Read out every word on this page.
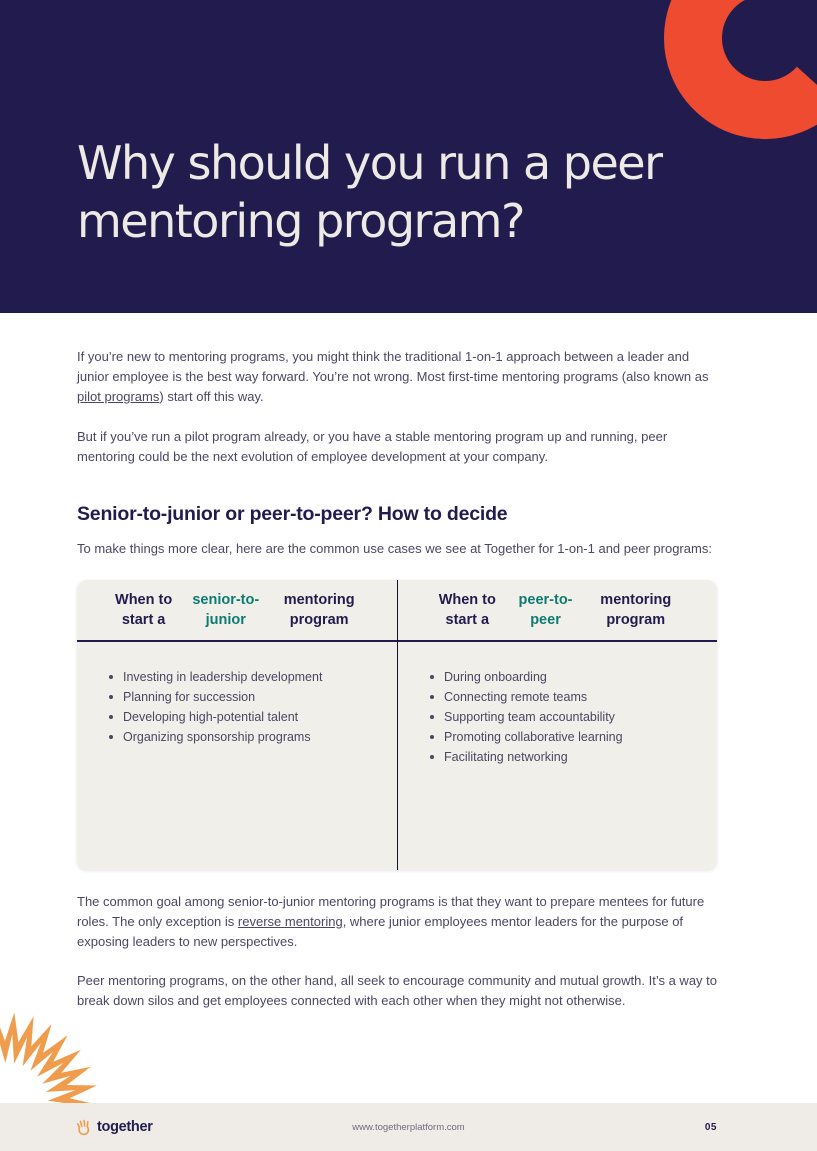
Why should you run a peer
mentoring program?

If you’re new to mentoring programs, you might think the traditional 1-on-1 approach between a leader and junior employee is the best way forward. You’re not wrong. Most first-time mentoring programs (also known as pilot programs) start off this way.

But if you’ve run a pilot program already, or you have a stable mentoring program up and running, peer mentoring could be the next evolution of employee development at your company.

Senior-to-junior or peer-to-peer? How to decide

To make things more clear, here are the common use cases we see at Together for 1-on-1 and peer programs:

When to start a
senior-to-junior
mentoring program
Investing in leadership development
Planning for succession
Developing high-potential talent
Organizing sponsorship programs
When to start a
peer-to-peer
mentoring program
During onboarding
Connecting remote teams
Supporting team accountability
Promoting collaborative learning
Facilitating networking

The common goal among senior-to-junior mentoring programs is that they want to prepare mentees for future roles. The only exception is reverse mentoring, where junior employees mentor leaders for the purpose of exposing leaders to new perspectives.

Peer mentoring programs, on the other hand, all seek to encourage community and mutual growth. It’s a way to break down silos and get employees connected with each other when they might not otherwise.

together	www.togetherplatform.com	05
